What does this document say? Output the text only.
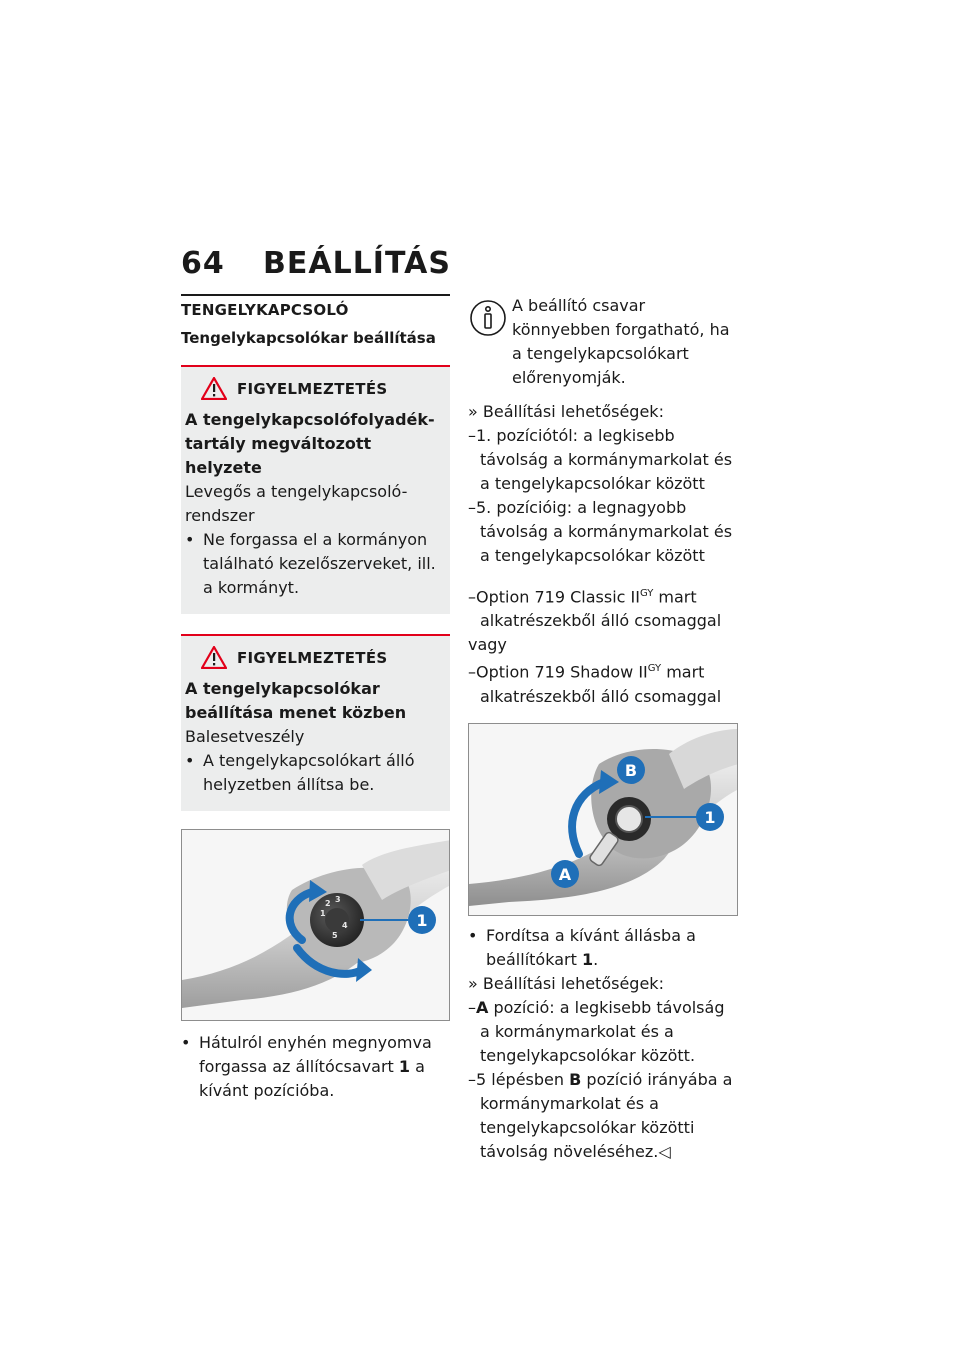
64 BEÁLLÍTÁS
TENGELYKAPCSOLÓ
Tengelykapcsolókar beállítása
FIGYELMEZTETÉS
A tengelykapcsolófolyadék-tartály megváltozott helyzete
Levegős a tengelykapcsoló-rendszer
• Ne forgassa el a kormányon található kezelőszerveket, ill. a kormányt.
FIGYELMEZTETÉS
A tengelykapcsolókar beállítása menet közben
Balesetveszély
• A tengelykapcsolókart álló helyzetben állítsa be.
1
2 3
4
5
1
• Hátulról enyhén megnyomva forgassa az állítócsavart 1 a kívánt pozícióba.
A beállító csavar könnyebben forgatható, ha a tengelykapcsolókart előrenyomják.
» Beállítási lehetőségek:
–1. pozíciótól: a legkisebb távolság a kormánymarkolat és a tengelykapcsolókar között
–5. pozícióig: a legnagyobb távolság a kormánymarkolat és a tengelykapcsolókar között
–Option 719 Classic $II^{GY}$ mart alkatrészekből álló csomaggal
vagy
–Option 719 Shadow $II^{GY}$ mart alkatrészekből álló csomaggal
1
B
A
• Fordítsa a kívánt állásba a beállítókart 1.
» Beállítási lehetőségek:
–A pozíció: a legkisebb távolság a kormánymarkolat és a tengelykapcsolókar között.
–5 lépésben B pozíció irányába a kormánymarkolat és a tengelykapcsolókar közötti távolság növeléséhez.◁
